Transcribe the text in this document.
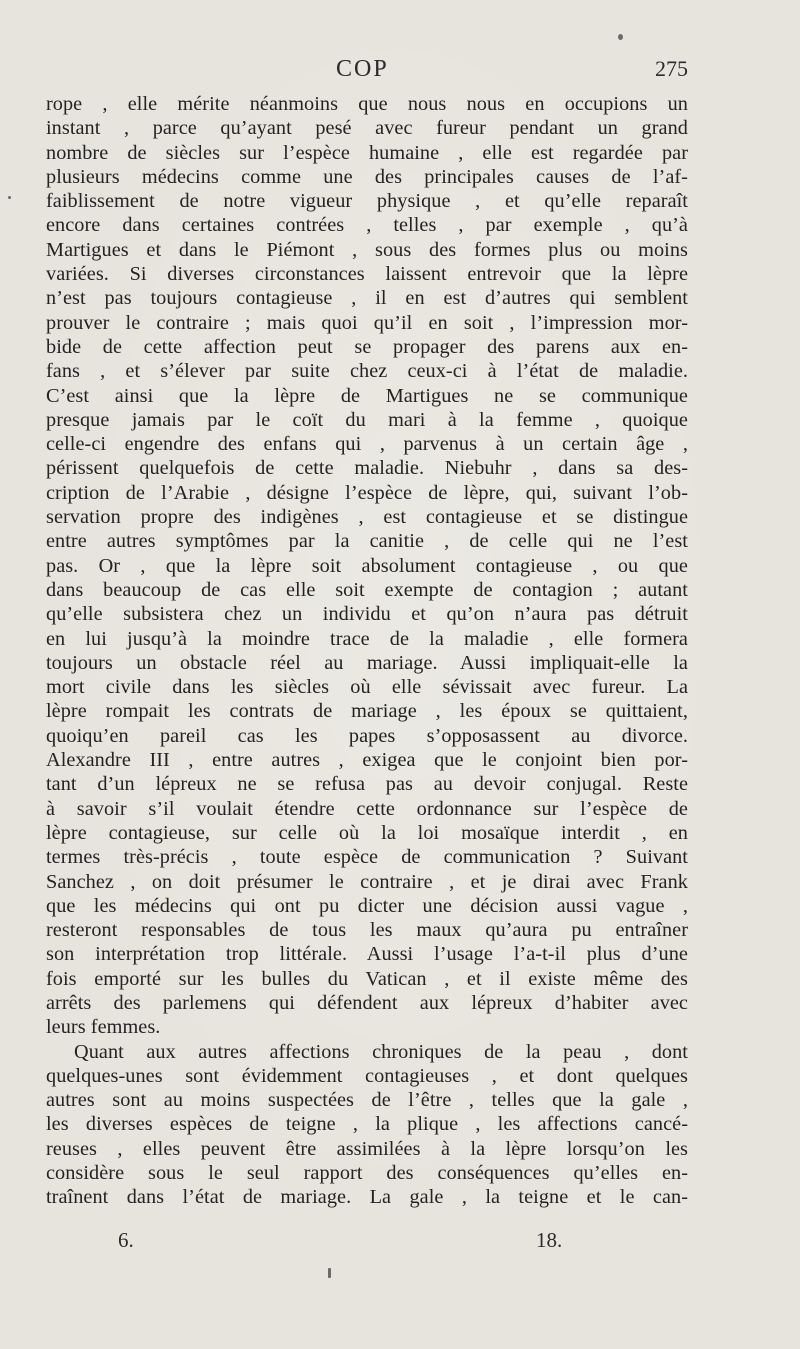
COP	275
rope , elle mérite néanmoins que nous nous en occupions un
instant , parce qu’ayant pesé avec fureur pendant un grand
nombre de siècles sur l’espèce humaine , elle est regardée par
plusieurs médecins comme une des principales causes de l’af-
faiblissement de notre vigueur physique , et qu’elle reparaît
encore dans certaines contrées , telles , par exemple , qu’à
Martigues et dans le Piémont , sous des formes plus ou moins
variées. Si diverses circonstances laissent entrevoir que la lèpre
n’est pas toujours contagieuse , il en est d’autres qui semblent
prouver le contraire ; mais quoi qu’il en soit , l’impression mor-
bide de cette affection peut se propager des parens aux en-
fans , et s’élever par suite chez ceux-ci à l’état de maladie.
C’est ainsi que la lèpre de Martigues ne se communique
presque jamais par le coït du mari à la femme , quoique
celle-ci engendre des enfans qui , parvenus à un certain âge ,
périssent quelquefois de cette maladie. Niebuhr , dans sa des-
cription de l’Arabie , désigne l’espèce de lèpre, qui, suivant l’ob-
servation propre des indigènes , est contagieuse et se distingue
entre autres symptômes par la canitie , de celle qui ne l’est
pas. Or , que la lèpre soit absolument contagieuse , ou que
dans beaucoup de cas elle soit exempte de contagion ; autant
qu’elle subsistera chez un individu et qu’on n’aura pas détruit
en lui jusqu’à la moindre trace de la maladie , elle formera
toujours un obstacle réel au mariage. Aussi impliquait-elle la
mort civile dans les siècles où elle sévissait avec fureur. La
lèpre rompait les contrats de mariage , les époux se quittaient,
quoiqu’en pareil cas les papes s’opposassent au divorce.
Alexandre III , entre autres , exigea que le conjoint bien por-
tant d’un lépreux ne se refusa pas au devoir conjugal. Reste
à savoir s’il voulait étendre cette ordonnance sur l’espèce de
lèpre contagieuse, sur celle où la loi mosaïque interdit , en
termes très-précis , toute espèce de communication ? Suivant
Sanchez , on doit présumer le contraire , et je dirai avec Frank
que les médecins qui ont pu dicter une décision aussi vague ,
resteront responsables de tous les maux qu’aura pu entraîner
son interprétation trop littérale. Aussi l’usage l’a-t-il plus d’une
fois emporté sur les bulles du Vatican , et il existe même des
arrêts des parlemens qui défendent aux lépreux d’habiter avec
leurs femmes.
Quant aux autres affections chroniques de la peau , dont
quelques-unes sont évidemment contagieuses , et dont quelques
autres sont au moins suspectées de l’être , telles que la gale ,
les diverses espèces de teigne , la plique , les affections cancé-
reuses , elles peuvent être assimilées à la lèpre lorsqu’on les
considère sous le seul rapport des conséquences qu’elles en-
traînent dans l’état de mariage. La gale , la teigne et le can-
6.	18.
